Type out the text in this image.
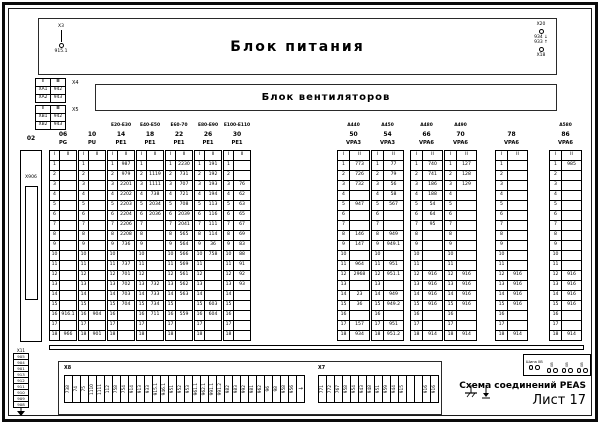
Блок питания
X3
915.1
X20
934 ↓
933 ↑
X18
Блок вентиляторов
I	II
XA1	942
XA2	943
X4
I	II
XB1	942
XB2	943
X5
02
X906
06
PG
I	II
1	
2	
3	
4	
5	
6	
7	
8	
9	
10	
11	
12	
13	
14	
15	
16	916.1
17	
18	966
10
PU
I	II
1	
2	
3	
4	
5	
6	
7	
8	
9	
10	
11	
12	
13	
14	
15	
16	904
17	
18	901
E20-E30
14
PE1
I	II
1	987
2	979
3	2201
4	2202
5	2203
6	2204
7	2206
8	2208
9	736
10	
11	737
12	701
13	702
14	703
15	704
16	
17	
18	
E40-E50
18
PE1
I	II
1	
2	1119
3	1111
4	738
5	2034
6	2036
7	
8	
9	
10	
11	
12	
13	732
14	733
15	734
16	711
17	
18	
E60-70
22
PE1
I	II
1	2230
2	731
3	707
4	721
5	708
6	2039
7	2041
8	565
9	564
10	566
11	569
12	561
13	562
14	563
15	
16	559
17	
18	
E80-E90
26
PE1
I	II
1	191
2	192
3	193
4	194
5	113
6	116
7	111
8	114
9	36
10	758
11	
12	
13	
14	
15	603
16	604
17	
18	
E100-E110
30
PE1
I	II
1	
2	
3	76
4	62
5	63
6	65
7	67
8	69
9	83
10	88
11	91
12	92
13	93
14	
15	
16	
17	
18	
A440
50
VPA3
I	II
1	773
2	726
3	732
4	
5	947
6	
7	
8	146
9	147
10	
11	964
12	2968
13	
14	23
15	36
16	
17	157
18	934
A450
54
VPA3
I	II
1	77
2	79
3	56
4	58
5	567
6	
7	
8	949
9	949.1
10	
11	951
12	951.1
13	
14	949
15	949.2
16	
17	951
18	951.2
A480
66
VPA6
I	II
1	740
2	741
3	186
4	188
5	54
6	64
7	95
8	
9	
10	
11	
12	916
13	916
14	916
15	916
16	
17	
18	914
A490
70
VPA6
I	II
1	127
2	128
3	129
4	
5	
6	
7	
8	
9	
10	
11	
12	916
13	916
14	916
15	916
16	
17	
18	914
78
VPA6
I	II
1	
2	
3	
4	
5	
6	
7	
8	
9	
10	
11	
12	916
13	916
14	916
15	916
16	
17	
18	914
A580
86
VPA6
I	II
1	985
2	
3	
4	
5	
6	
7	
8	
9	
10	
11	
12	916
13	916
14	916
15	916
16	
17	
18	914
X11
905
904
901
913
912
911
910
909
908
X8
738 74 75 1110 1111 112 758 754 914 913 933 915.1 946.1 951 952 953 961.1 962.1 991.1 991.2 982 983 992 981 962 96 98 958 956 →
X7
771 772 767 958 954 943 948 951 959 944 915	916 916
Шина 0В
0В	0В	0В
Схема соединений PEAS
Лист 17
